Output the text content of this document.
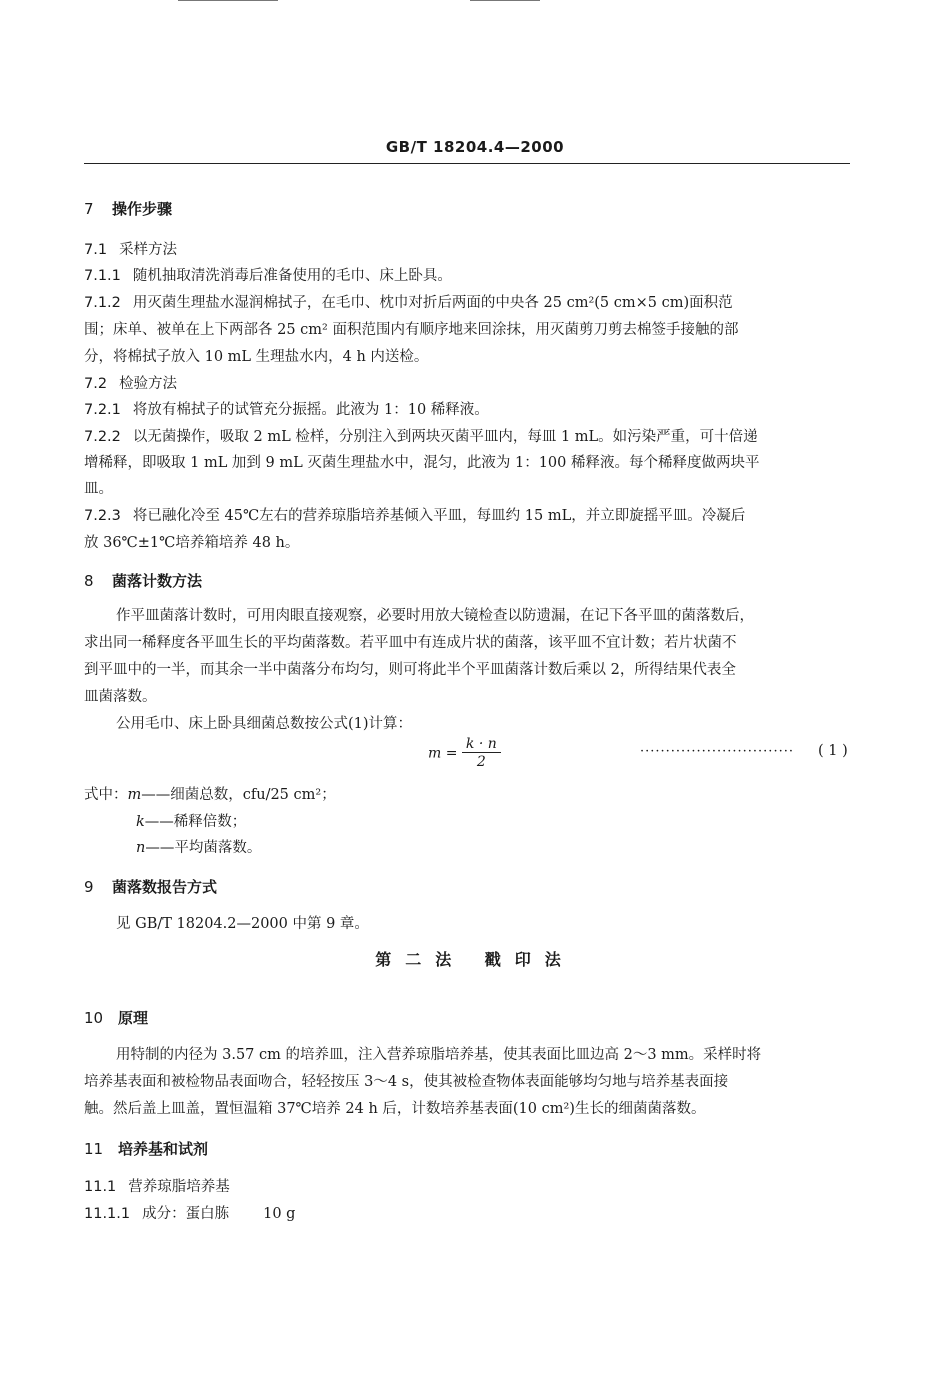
GB/T 18204.4—2000
7 操作步骤
7.1 采样方法
7.1.1 随机抽取清洗消毒后准备使用的毛巾、床上卧具。
7.1.2 用灭菌生理盐水湿润棉拭子，在毛巾、枕巾对折后两面的中央各 25 cm²(5 cm×5 cm)面积范
围；床单、被单在上下两部各 25 cm² 面积范围内有顺序地来回涂抹，用灭菌剪刀剪去棉签手接触的部
分，将棉拭子放入 10 mL 生理盐水内，4 h 内送检。
7.2 检验方法
7.2.1 将放有棉拭子的试管充分振摇。此液为 1：10 稀释液。
7.2.2 以无菌操作，吸取 2 mL 检样，分别注入到两块灭菌平皿内，每皿 1 mL。如污染严重，可十倍递
增稀释，即吸取 1 mL 加到 9 mL 灭菌生理盐水中，混匀，此液为 1：100 稀释液。每个稀释度做两块平
皿。
7.2.3 将已融化冷至 45℃左右的营养琼脂培养基倾入平皿，每皿约 15 mL，并立即旋摇平皿。冷凝后
放 36℃±1℃培养箱培养 48 h。
8 菌落计数方法
作平皿菌落计数时，可用肉眼直接观察，必要时用放大镜检查以防遗漏，在记下各平皿的菌落数后，
求出同一稀释度各平皿生长的平均菌落数。若平皿中有连成片状的菌落，该平皿不宜计数；若片状菌不
到平皿中的一半，而其余一半中菌落分布均匀，则可将此半个平皿菌落计数后乘以 2，所得结果代表全
皿菌落数。
公用毛巾、床上卧具细菌总数按公式(1)计算：
$m = \frac{k \cdot n}{2}$	······························ ( 1 )
式中：m——细菌总数，cfu/25 cm²；
k——稀释倍数；
n——平均菌落数。
9 菌落数报告方式
见 GB/T 18204.2—2000 中第 9 章。
第二法 戳印法
10 原理
用特制的内径为 3.57 cm 的培养皿，注入营养琼脂培养基，使其表面比皿边高 2～3 mm。采样时将
培养基表面和被检物品表面吻合，轻轻按压 3～4 s，使其被检查物体表面能够均匀地与培养基表面接
触。然后盖上皿盖，置恒温箱 37℃培养 24 h 后，计数培养基表面(10 cm²)生长的细菌菌落数。
11 培养基和试剂
11.1 营养琼脂培养基
11.1.1 成分：蛋白胨 10 g
